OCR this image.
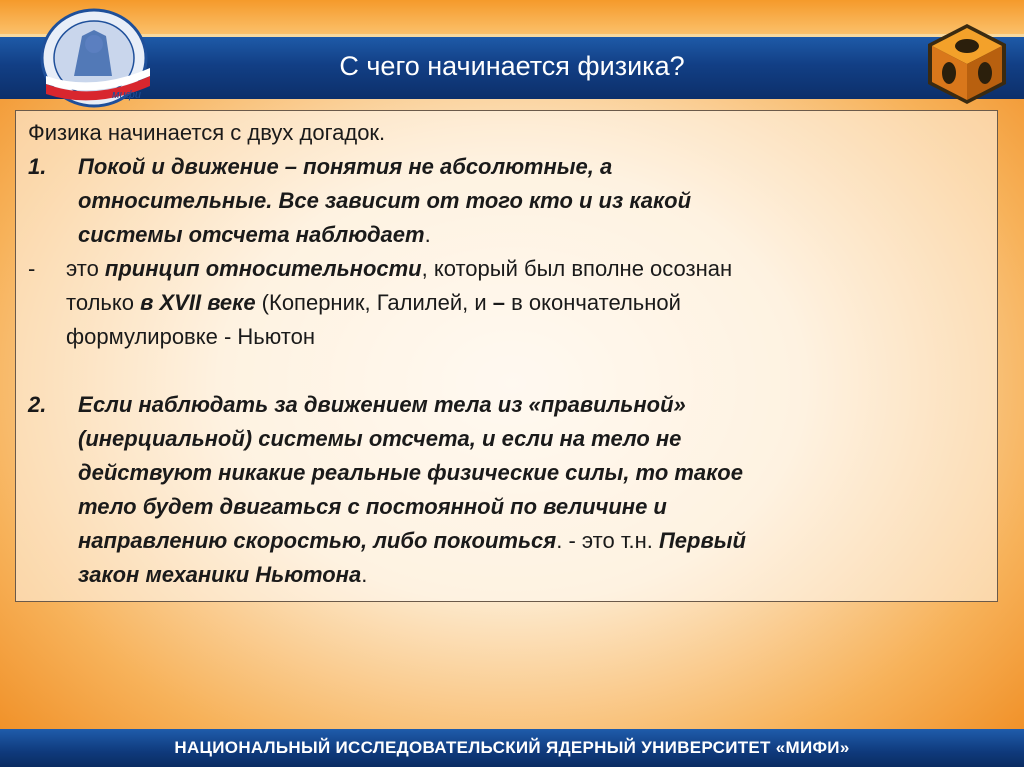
мифи
С чего начинается физика?
Физика начинается с двух догадок.
1. Покой и движение – понятия не абсолютные, а
относительные. Все зависит от того кто и из какой
системы отсчета наблюдает.
- это принцип относительности, который был вполне осознан
только в XVII веке (Коперник, Галилей, и – в окончательной
формулировке - Ньютон
2. Если наблюдать за движением тела из «правильной»
(инерциальной) системы отсчета, и если на тело не
действуют никакие реальные физические силы, то такое
тело будет двигаться с постоянной по величине и
направлению скоростью, либо покоиться. - это т.н. Первый
закон механики Ньютона.
НАЦИОНАЛЬНЫЙ ИССЛЕДОВАТЕЛЬСКИЙ ЯДЕРНЫЙ УНИВЕРСИТЕТ «МИФИ»
